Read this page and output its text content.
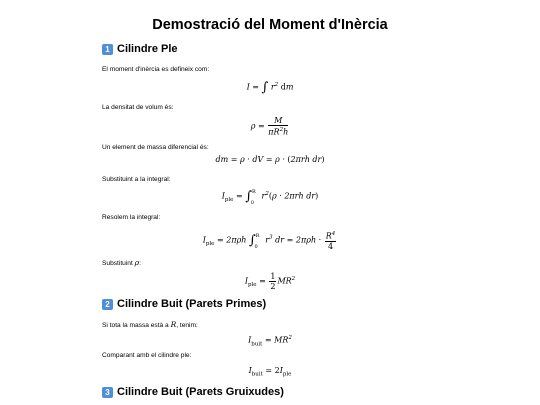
Demostració del Moment d'Inèrcia
1 Cilindre Ple
El moment d'inèrcia es defineix com:
I = ∫ $r^2$ dm
La densitat de volum és:
$\rho = \frac{M}{\pi R^2h}$
Un element de massa diferencial és:
dm = ρ · dV = ρ · (2πrh dr)
Substituint a la integral:
$I_{ple} = \int^R_0$ $r^2(\rho \cdot 2\pi rh$ dr)
Resolem la integral:
$I_{ple} = 2\pi\rho h$ ∫$^R_0$ $r^3$ dr = $2\pi\rho h \cdot \frac{R^4}{4}$
Substituint ρ:
$I_{ple} = \frac{1}{2} MR^2$
2 Cilindre Buit (Parets Primes)
Si tota la massa està a R, tenim:
$I_{buit} = MR^2$
Comparant amb el cilindre ple:
$I_{buit} = 2I_{ple}$
3 Cilindre Buit (Parets Gruixudes)
